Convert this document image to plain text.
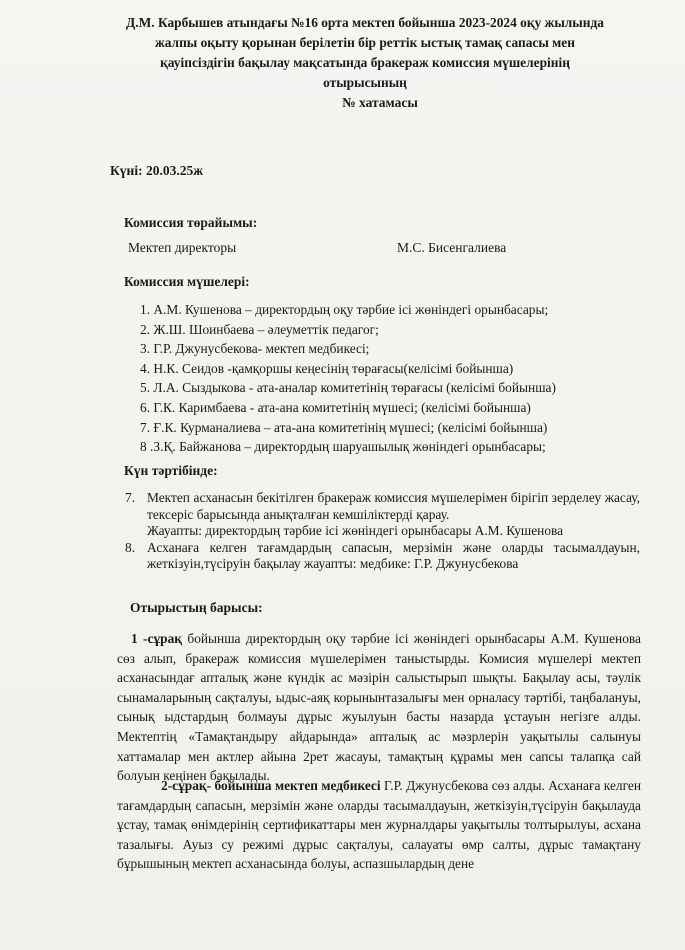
Д.М. Карбышев атындағы №16 орта мектеп бойынша 2023-2024 оқу жылында
жалпы оқыту қорынан берілетін бір реттік ыстық тамақ сапасы мен
қауіпсіздігін бақылау мақсатында бракераж комиссия мүшелерінің
отырысының
№ хатамасы
Күні: 20.03.25ж
Комиссия төрайымы:
Мектеп директоры	М.С. Бисенгалиева
Комиссия мүшелері:
1. А.М. Кушенова – директордың оқу тәрбие ісі жөніндегі орынбасары;
2. Ж.Ш. Шоинбаева – әлеуметтік педагог;
3. Г.Р. Джунусбекова- мектеп медбикесі;
4. Н.К. Сеидов -қамқоршы кеңесінің төрағасы(келісімі бойынша)
5. Л.А. Сыздыкова - ата-аналар комитетінің төрағасы (келісімі бойынша)
6. Г.К. Каримбаева - ата-ана комитетінің мүшесі; (келісімі бойынша)
7. Ғ.К. Курманалиева – ата-ана комитетінің мүшесі; (келісімі бойынша)
8 .З.Қ. Байжанова – директордың шаруашылық жөніндегі орынбасары;
Күн тәртібінде:
7. Мектеп асханасын бекітілген бракераж комиссия мүшелерімен бірігіп зерделеу жасау, тексеріс барысында анықталған кемшіліктерді қарау.
Жауапты: директордың тәрбие ісі жөніндегі орынбасары А.М. Кушенова
8. Асханаға келген тағамдардың сапасын, мерзімін және оларды тасымалдауын, жеткізуін,түсіруін бақылау жауапты: медбике: Г.Р. Джунусбекова
Отырыстың барысы:
1 -сұрақ бойынша директордың оқу тәрбие ісі жөніндегі орынбасары А.М. Кушенова сөз алып, бракераж комиссия мүшелерімен таныстырды. Комисия мүшелері мектеп асханасындағ апталық және күндік ас мәзірін салыстырып шықты. Бақылау асы, тәулік сынамаларының сақталуы, ыдыс-аяқ корынынтазалығы мен орналасу тәртібі, таңбалануы, сынық ыдстардың болмауы дұрыс жуылуын басты назарда ұстауын негізге алды. Мектептің «Тамақтандыру айдарында» апталық ас мәзрлерін уақытылы салынуы хаттамалар мен актлер айына 2рет жасауы, тамақтың құрамы мен сапсы талапқа сай болуын кеңінен бақылады.
2-сұрақ- бойынша мектеп медбикесі Г.Р. Джунусбекова сөз алды. Асханаға келген тағамдардың сапасын, мерзімін және оларды тасымалдауын, жеткізуін,түсіруін бақылауда ұстау, тамақ өнімдерінің сертификаттары мен журналдары уақытылы толтырылуы, асхана тазалығы. Ауыз су режимі дұрыс сақталуы, салауаты өмр салты, дұрыс тамақтану бұрышының мектеп асханасында болуы, аспазшылардың дене
